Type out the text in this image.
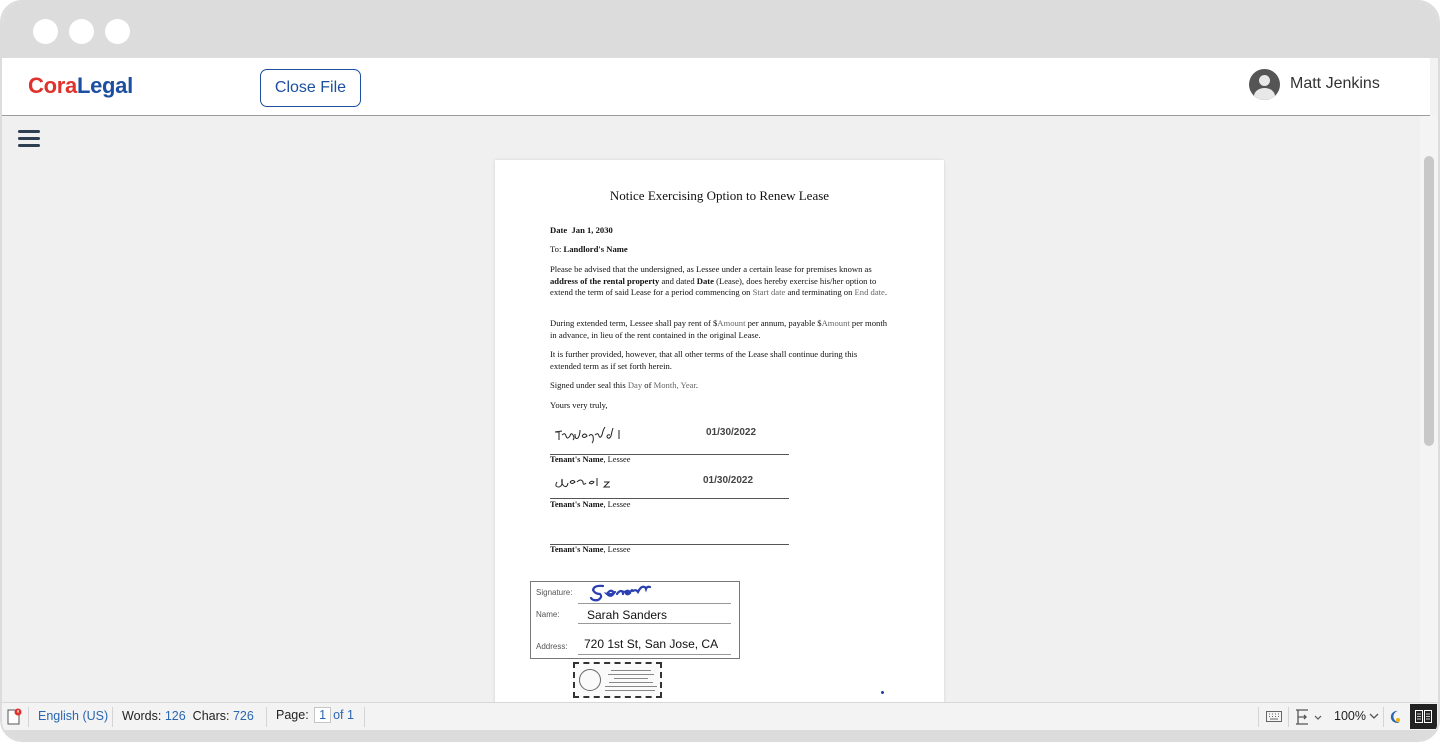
CoraLegal	Close File	Matt Jenkins
Notice Exercising Option to Renew Lease
Date Jan 1, 2030
To: Landlord's Name
Please be advised that the undersigned, as Lessee under a certain lease for premises known as address of the rental property and dated Date (Lease), does hereby exercise his/her option to extend the term of said Lease for a period commencing on Start date and terminating on End date.
During extended term, Lessee shall pay rent of $Amount per annum, payable $Amount per month in advance, in lieu of the rent contained in the original Lease.
It is further provided, however, that all other terms of the Lease shall continue during this extended term as if set forth herein.
Signed under seal this Day of Month, Year.
Yours very truly,
01/30/2022
Tenant's Name, Lessee
01/30/2022
Tenant's Name, Lessee
Tenant's Name, Lessee
Signature:
Name: Sarah Sanders
Address: 720 1st St, San Jose, CA
English (US) Words: 126 Chars: 726 Page: 1 of 1	100%
